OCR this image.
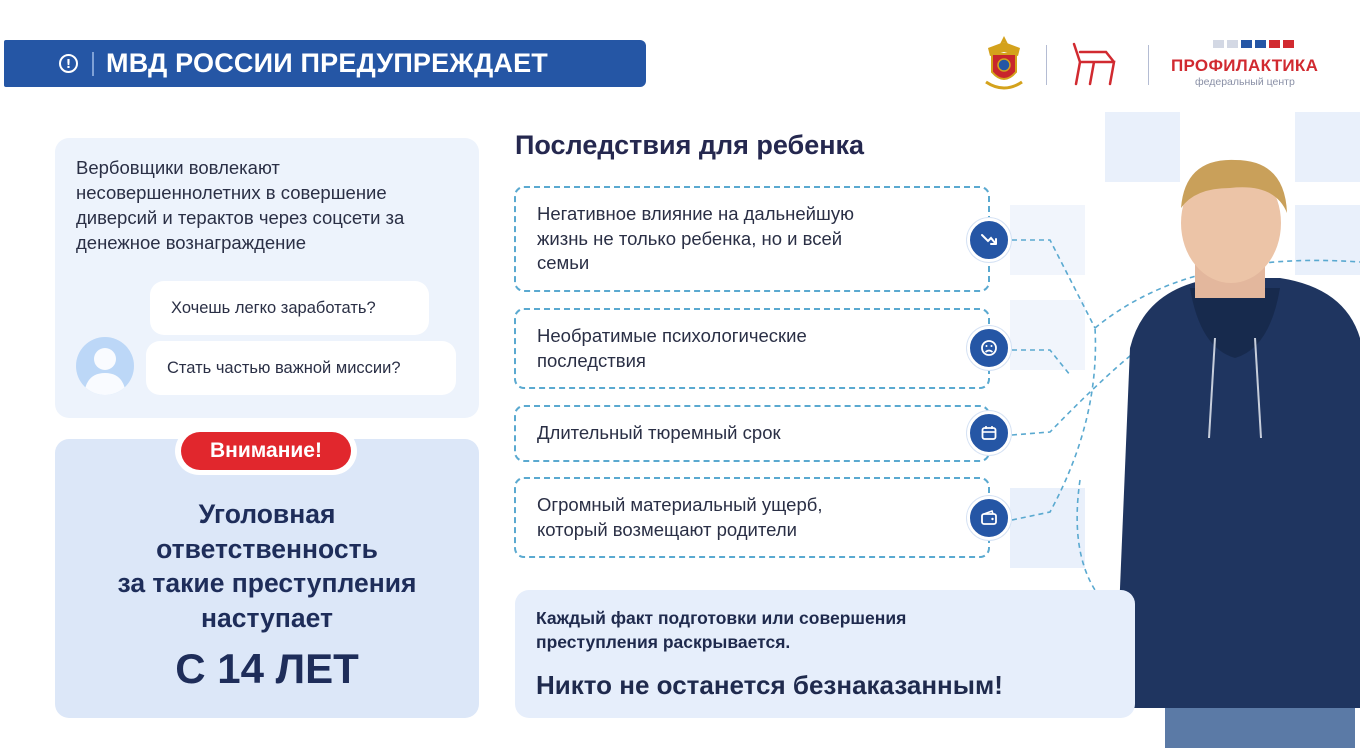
! МВД РОССИИ ПРЕДУПРЕЖДАЕТ	ПРОФИЛАКТИКА
федеральный центр
Вербовщики вовлекают несовершеннолетних в совершение диверсий и терактов через соцсети за денежное вознаграждение
Хочешь легко заработать?
Стать частью важной миссии?
Внимание!
Уголовная
ответственность
за такие преступления
наступает
С 14 ЛЕТ
Последствия для ребенка
Негативное влияние на дальнейшую
жизнь не только ребенка, но и всей
семьи
Необратимые психологические
последствия
Длительный тюремный срок
Огромный материальный ущерб,
который возмещают родители
Каждый факт подготовки или совершения
преступления раскрывается.
Никто не останется безнаказанным!
